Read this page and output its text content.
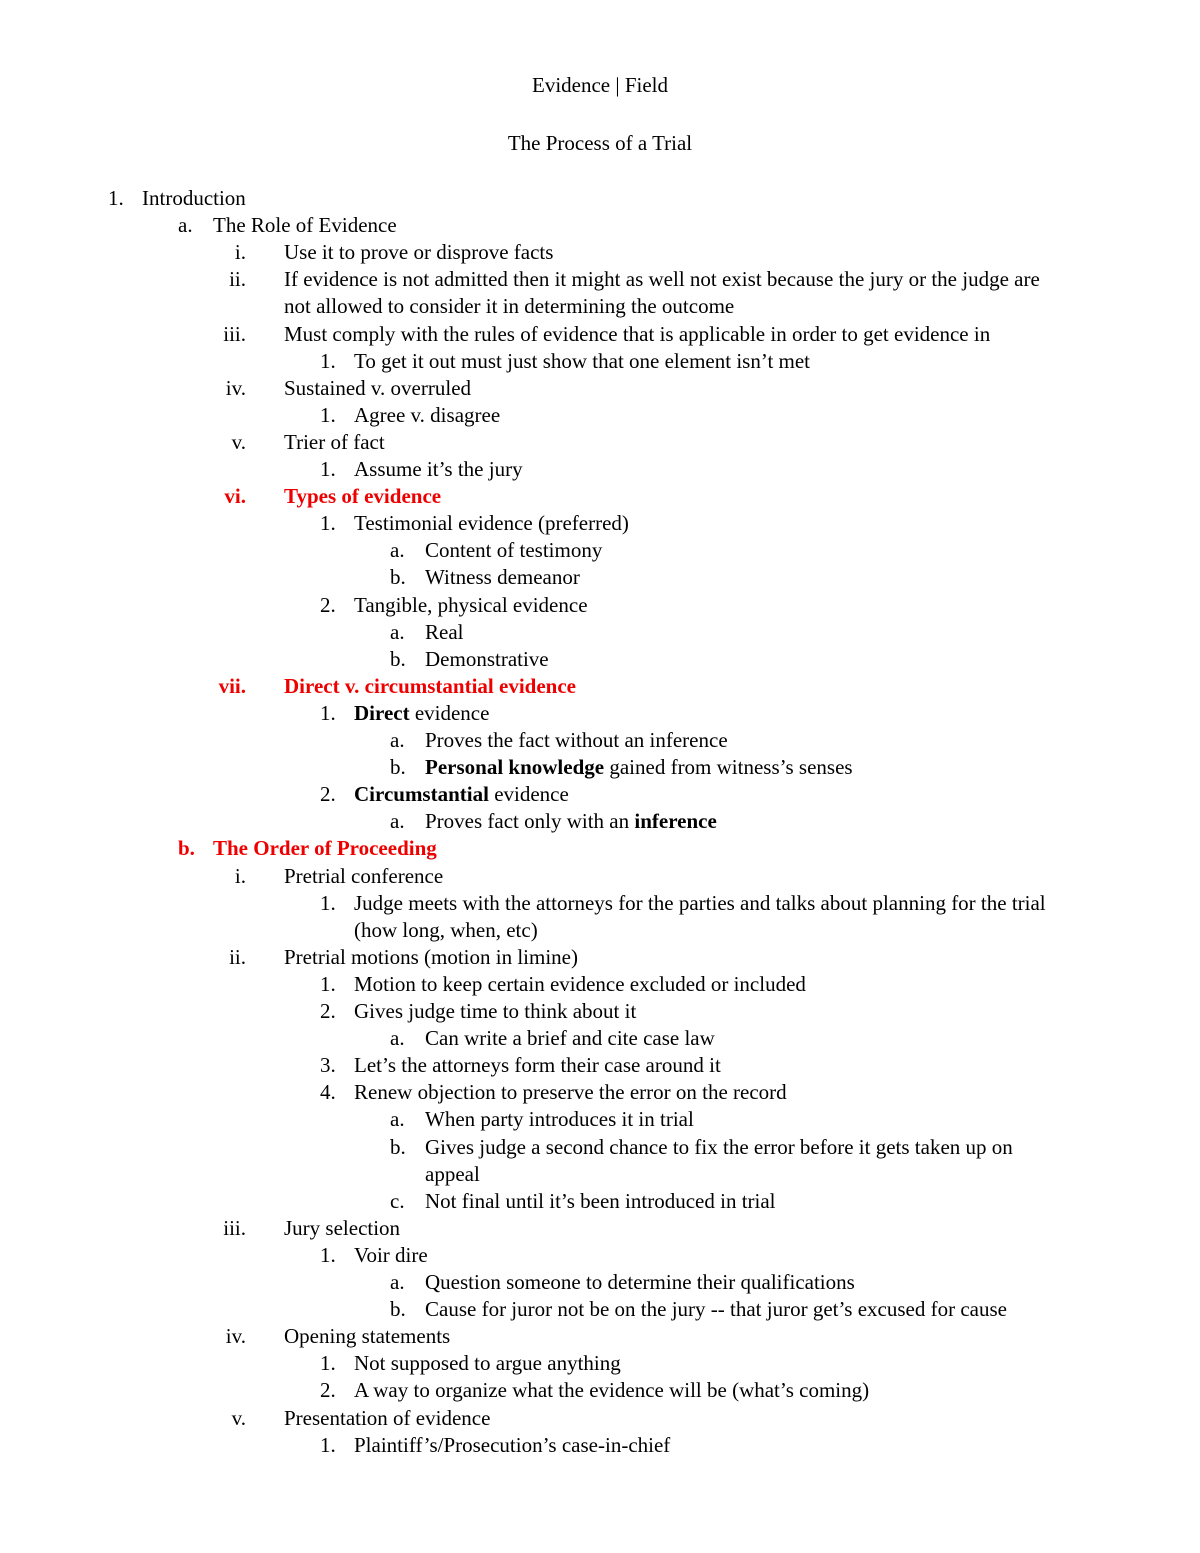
Evidence | Field
The Process of a Trial
1. Introduction
a. The Role of Evidence
i. Use it to prove or disprove facts
ii. If evidence is not admitted then it might as well not exist because the jury or the judge are
not allowed to consider it in determining the outcome
iii. Must comply with the rules of evidence that is applicable in order to get evidence in
1. To get it out must just show that one element isn’t met
iv. Sustained v. overruled
1. Agree v. disagree
v. Trier of fact
1. Assume it’s the jury
vi. Types of evidence
1. Testimonial evidence (preferred)
a. Content of testimony
b. Witness demeanor
2. Tangible, physical evidence
a. Real
b. Demonstrative
vii. Direct v. circumstantial evidence
1. Direct evidence
a. Proves the fact without an inference
b. Personal knowledge gained from witness’s senses
2. Circumstantial evidence
a. Proves fact only with an inference
b. The Order of Proceeding
i. Pretrial conference
1. Judge meets with the attorneys for the parties and talks about planning for the trial
(how long, when, etc)
ii. Pretrial motions (motion in limine)
1. Motion to keep certain evidence excluded or included
2. Gives judge time to think about it
a. Can write a brief and cite case law
3. Let’s the attorneys form their case around it
4. Renew objection to preserve the error on the record
a. When party introduces it in trial
b. Gives judge a second chance to fix the error before it gets taken up on
appeal
c. Not final until it’s been introduced in trial
iii. Jury selection
1. Voir dire
a. Question someone to determine their qualifications
b. Cause for juror not be on the jury -- that juror get’s excused for cause
iv. Opening statements
1. Not supposed to argue anything
2. A way to organize what the evidence will be (what’s coming)
v. Presentation of evidence
1. Plaintiff’s/Prosecution’s case-in-chief
